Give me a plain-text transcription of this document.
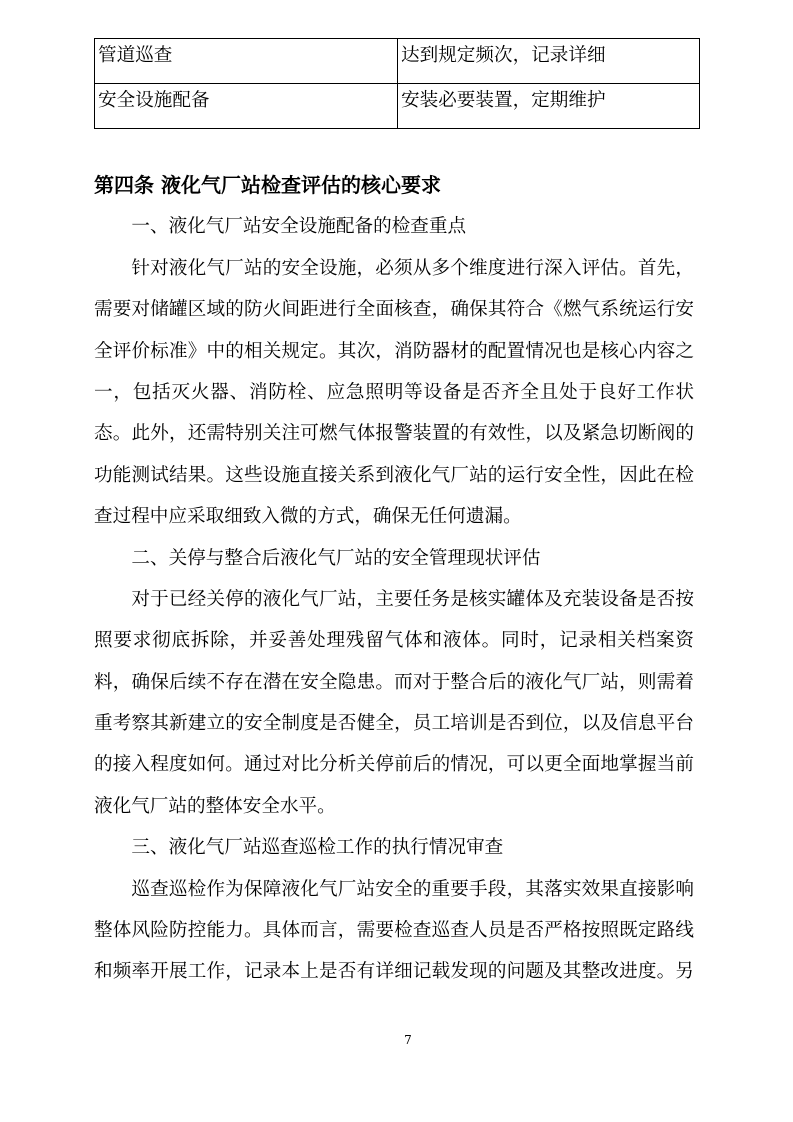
管道巡查	达到规定频次，记录详细
安全设施配备	安装必要装置，定期维护
第四条 液化气厂站检查评估的核心要求
一、液化气厂站安全设施配备的检查重点
针对液化气厂站的安全设施，必须从多个维度进行深入评估。首先，
需要对储罐区域的防火间距进行全面核查，确保其符合《燃气系统运行安
全评价标准》中的相关规定。其次，消防器材的配置情况也是核心内容之
一，包括灭火器、消防栓、应急照明等设备是否齐全且处于良好工作状
态。此外，还需特别关注可燃气体报警装置的有效性，以及紧急切断阀的
功能测试结果。这些设施直接关系到液化气厂站的运行安全性，因此在检
查过程中应采取细致入微的方式，确保无任何遗漏。
二、关停与整合后液化气厂站的安全管理现状评估
对于已经关停的液化气厂站，主要任务是核实罐体及充装设备是否按
照要求彻底拆除，并妥善处理残留气体和液体。同时，记录相关档案资
料，确保后续不存在潜在安全隐患。而对于整合后的液化气厂站，则需着
重考察其新建立的安全制度是否健全，员工培训是否到位，以及信息平台
的接入程度如何。通过对比分析关停前后的情况，可以更全面地掌握当前
液化气厂站的整体安全水平。
三、液化气厂站巡查巡检工作的执行情况审查
巡查巡检作为保障液化气厂站安全的重要手段，其落实效果直接影响
整体风险防控能力。具体而言，需要检查巡查人员是否严格按照既定路线
和频率开展工作，记录本上是否有详细记载发现的问题及其整改进度。另
7
